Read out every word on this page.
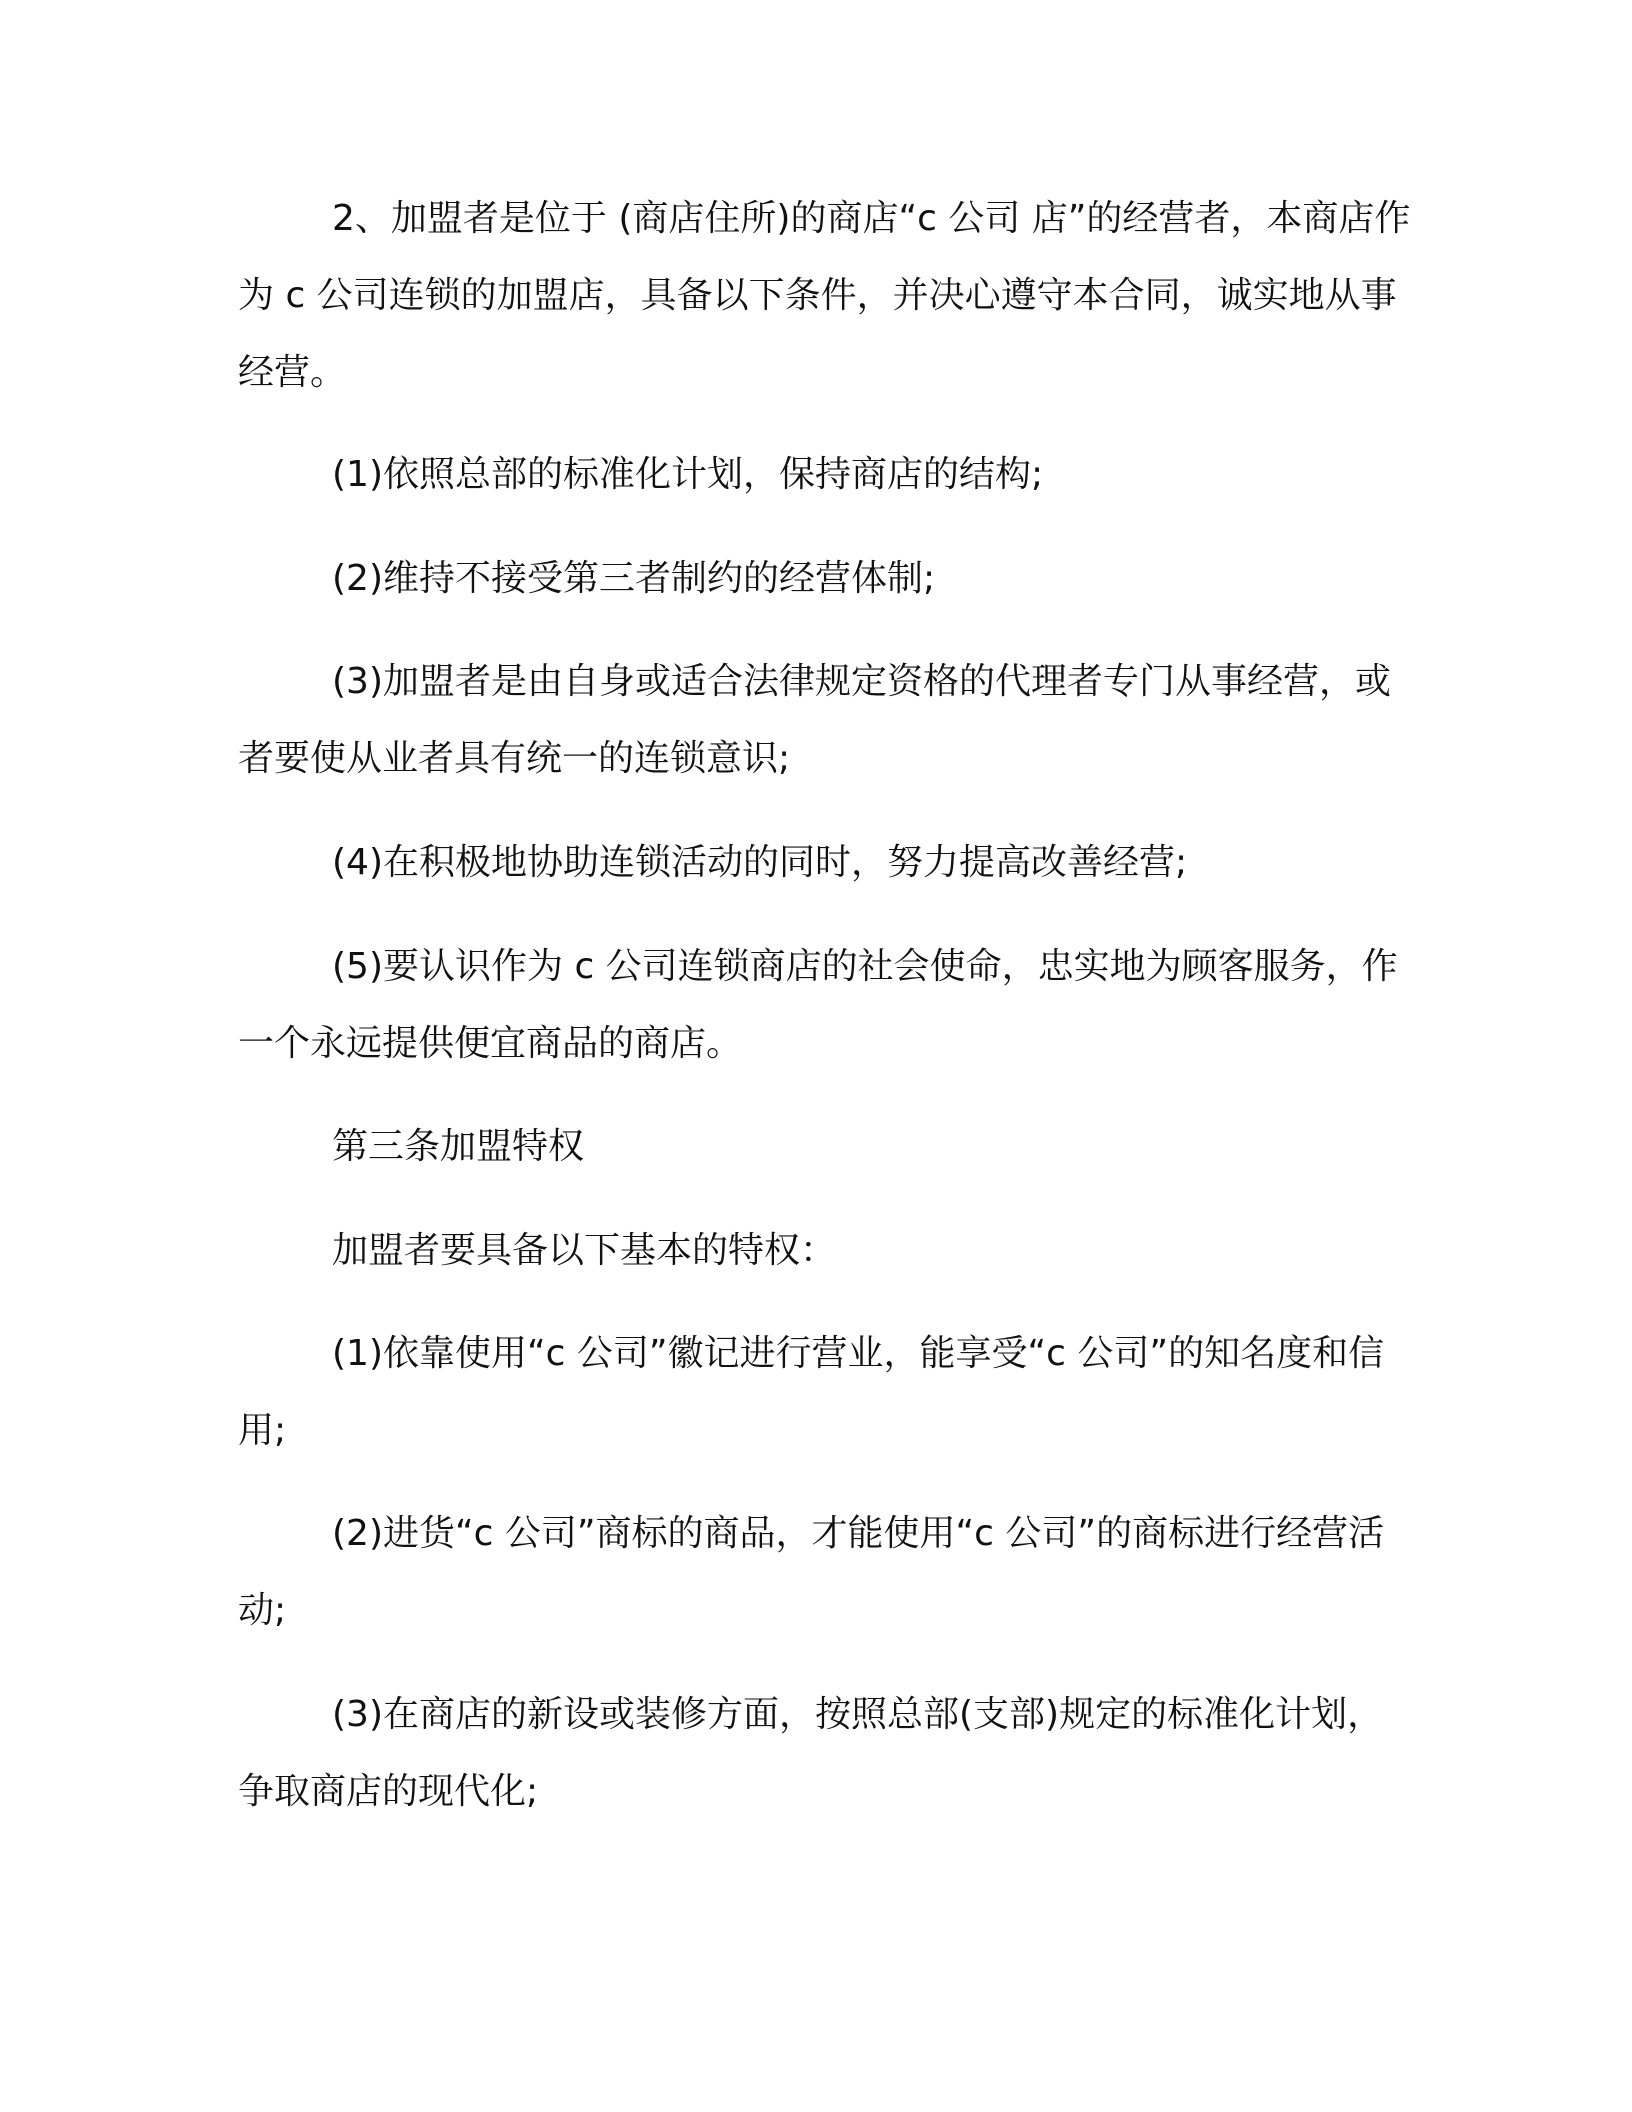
2、加盟者是位于 (商店住所)的商店“c 公司 店”的经营者，本商店作为 c 公司连锁的加盟店，具备以下条件，并决心遵守本合同，诚实地从事经营。

(1)依照总部的标准化计划，保持商店的结构;

(2)维持不接受第三者制约的经营体制;

(3)加盟者是由自身或适合法律规定资格的代理者专门从事经营，或者要使从业者具有统一的连锁意识;

(4)在积极地协助连锁活动的同时，努力提高改善经营;

(5)要认识作为 c 公司连锁商店的社会使命，忠实地为顾客服务，作一个永远提供便宜商品的商店。

第三条加盟特权

加盟者要具备以下基本的特权：

(1)依靠使用“c 公司”徽记进行营业，能享受“c 公司”的知名度和信用;

(2)进货“c 公司”商标的商品，才能使用“c 公司”的商标进行经营活动;

(3)在商店的新设或装修方面，按照总部(支部)规定的标准化计划，争取商店的现代化;
